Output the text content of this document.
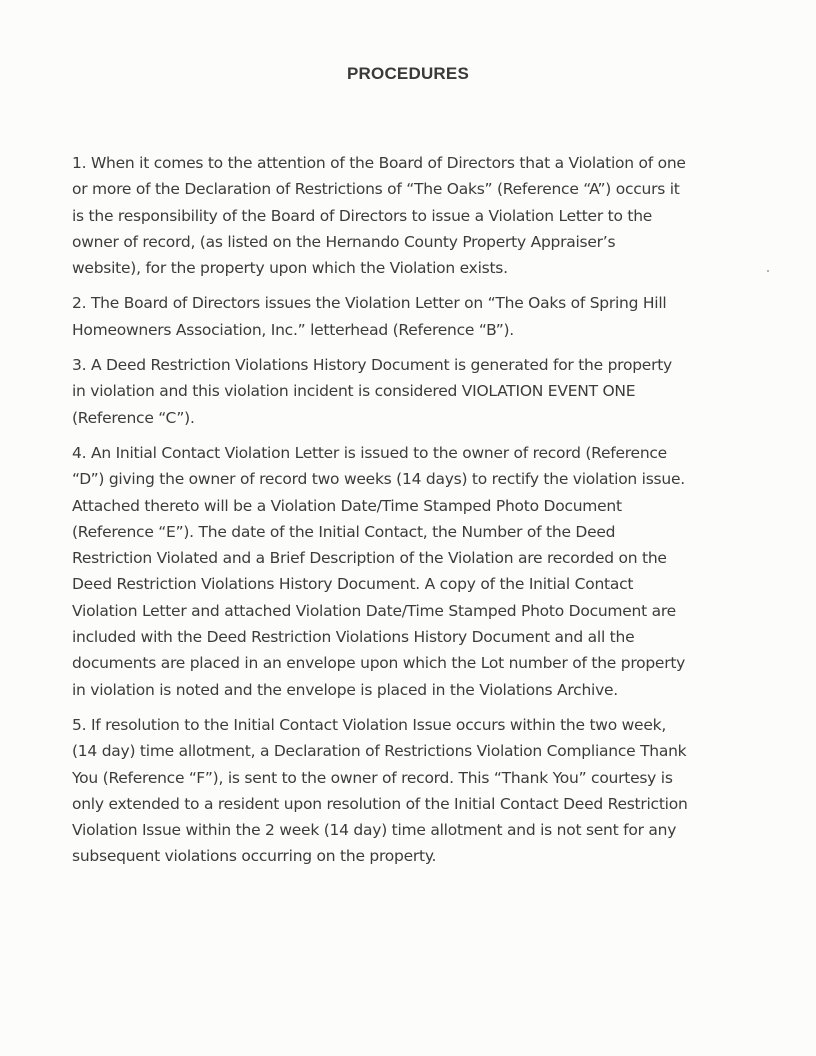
PROCEDURES

1. When it comes to the attention of the Board of Directors that a Violation of one
or more of the Declaration of Restrictions of “The Oaks” (Reference “A”) occurs it
is the responsibility of the Board of Directors to issue a Violation Letter to the
owner of record, (as listed on the Hernando County Property Appraiser’s
website), for the property upon which the Violation exists.

2. The Board of Directors issues the Violation Letter on “The Oaks of Spring Hill
Homeowners Association, Inc.” letterhead (Reference “B”).

3. A Deed Restriction Violations History Document is generated for the property
in violation and this violation incident is considered VIOLATION EVENT ONE
(Reference “C”).

4. An Initial Contact Violation Letter is issued to the owner of record (Reference
“D”) giving the owner of record two weeks (14 days) to rectify the violation issue.
Attached thereto will be a Violation Date/Time Stamped Photo Document
(Reference “E”). The date of the Initial Contact, the Number of the Deed
Restriction Violated and a Brief Description of the Violation are recorded on the
Deed Restriction Violations History Document. A copy of the Initial Contact
Violation Letter and attached Violation Date/Time Stamped Photo Document are
included with the Deed Restriction Violations History Document and all the
documents are placed in an envelope upon which the Lot number of the property
in violation is noted and the envelope is placed in the Violations Archive.

5. If resolution to the Initial Contact Violation Issue occurs within the two week,
(14 day) time allotment, a Declaration of Restrictions Violation Compliance Thank
You (Reference “F”), is sent to the owner of record. This “Thank You” courtesy is
only extended to a resident upon resolution of the Initial Contact Deed Restriction
Violation Issue within the 2 week (14 day) time allotment and is not sent for any
subsequent violations occurring on the property.
